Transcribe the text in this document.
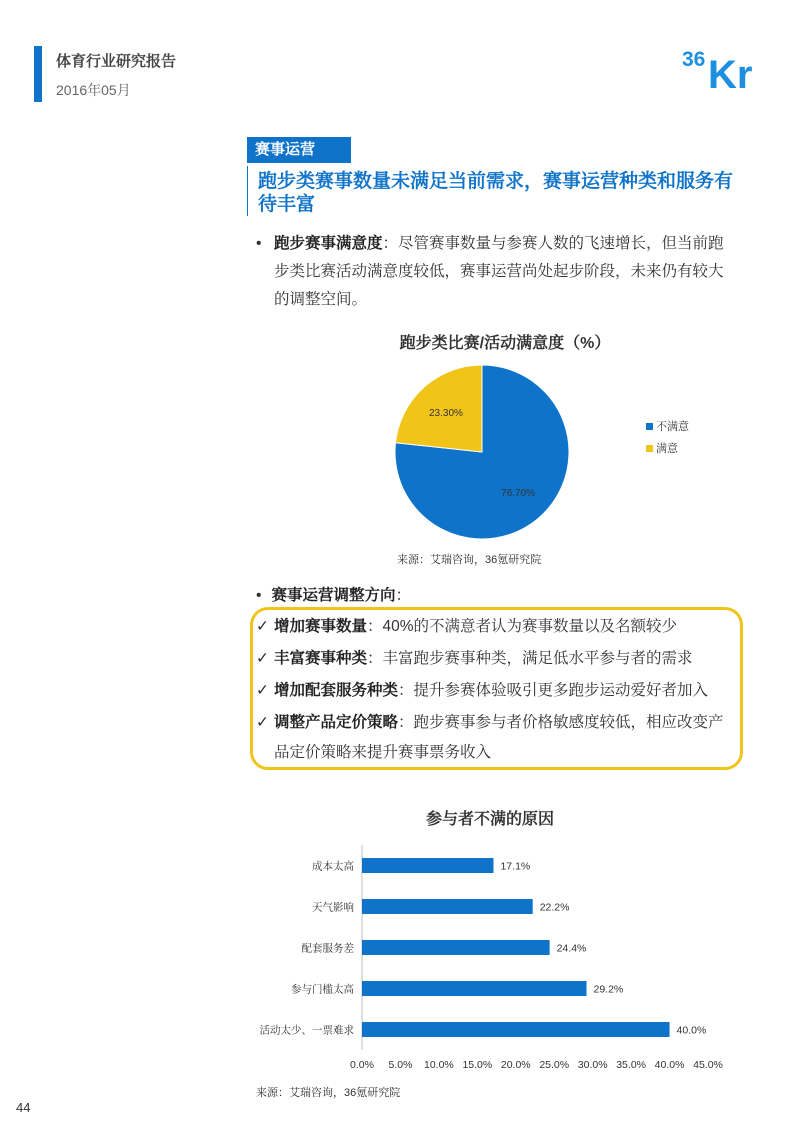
体育行业研究报告
2016年05月
36 Kr
赛事运营
跑步类赛事数量未满足当前需求，赛事运营种类和服务有待丰富
• 跑步赛事满意度：尽管赛事数量与参赛人数的飞速增长，但当前跑步类比赛活动满意度较低，赛事运营尚处起步阶段，未来仍有较大的调整空间。
跑步类比赛/活动满意度（%）
76.70%
23.30%
不满意
满意
来源：艾瑞咨询，36氪研究院
• 赛事运营调整方向：
✓ 增加赛事数量：40%的不满意者认为赛事数量以及名额较少
✓ 丰富赛事种类：丰富跑步赛事种类，满足低水平参与者的需求
✓ 增加配套服务种类：提升参赛体验吸引更多跑步运动爱好者加入
✓ 调整产品定价策略：跑步赛事参与者价格敏感度较低，相应改变产品定价策略来提升赛事票务收入
参与者不满的原因
成本太高	17.1%
天气影响	22.2%
配套服务差	24.4%
参与门槛太高	29.2%
活动太少、一票难求	40.0%
0.0% 5.0% 10.0% 15.0% 20.0% 25.0% 30.0% 35.0% 40.0% 45.0%
来源：艾瑞咨询，36氪研究院
44
